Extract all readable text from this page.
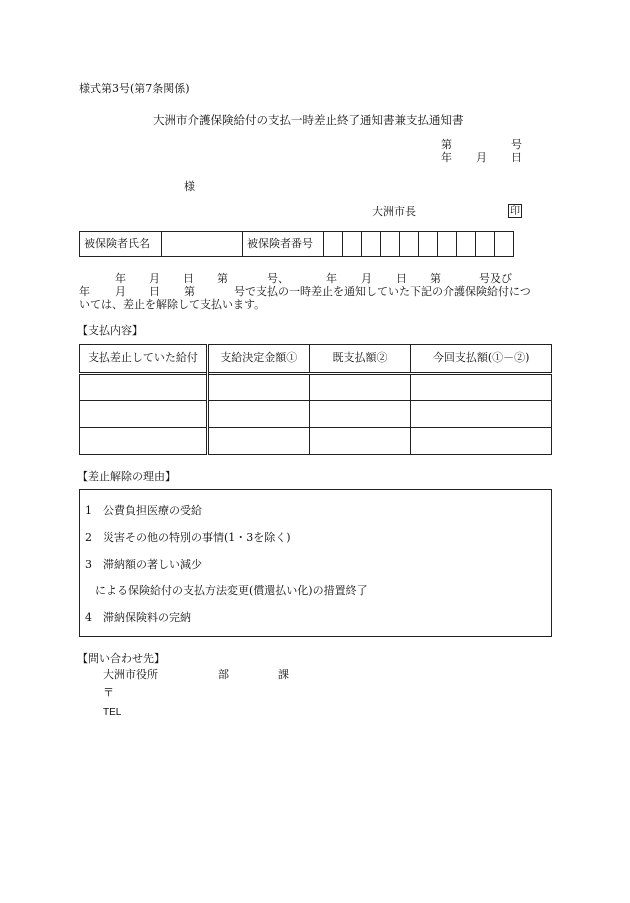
様式第3号(第7条関係)
大洲市介護保険給付の支払一時差止終了通知書兼支払通知書
第	号
年 月 日
様
大洲市長	印
被保険者氏名		被保険者番号										
年 月 日 第	号、	年 月 日 第	号及び
年 月 日 第	号で支払の一時差止を通知していた下記の介護保険給付につ
いては、差止を解除して支払います。
【支払内容】
支払差止していた給付	支給決定金額①	既支払額②	今回支払額(①－②)

【差止解除の理由】
1　公費負担医療の受給
2　災害その他の特別の事情(1・3を除く)
3　滞納額の著しい減少
による保険給付の支払方法変更(償還払い化)の措置終了
4　滞納保険料の完納
【問い合わせ先】
大洲市役所	部	課
〒
TEL
